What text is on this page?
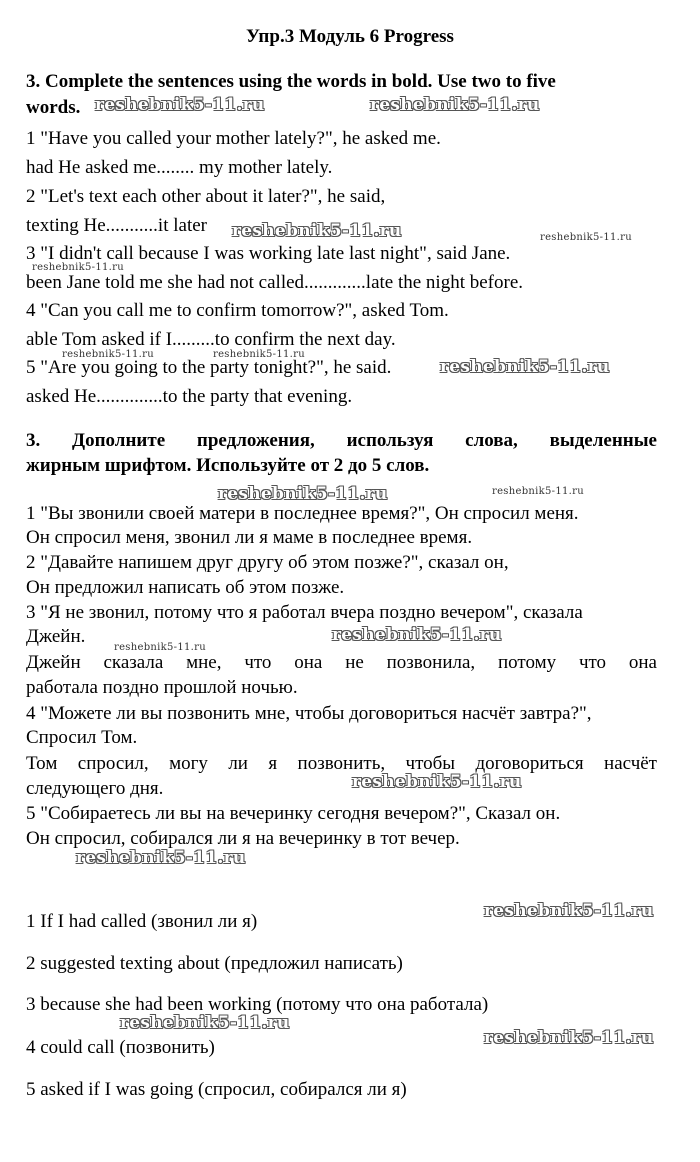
Упр.3 Модуль 6 Progress
3. Complete the sentences using the words in bold. Use two to five
words.
1 "Have you called your mother lately?", he asked me.
had He asked me........ my mother lately.
2 "Let's text each other about it later?", he said,
texting He...........it later
3 "I didn't call because I was working late last night", said Jane.
been Jane told me she had not called.............late the night before.
4 "Can you call me to confirm tomorrow?", asked Tom.
able Tom asked if I.........to confirm the next day.
5 "Are you going to the party tonight?", he said.
asked He..............to the party that evening.
3. Дополните предложения, используя слова, выделенные
жирным шрифтом. Используйте от 2 до 5 слов.
1 "Вы звонили своей матери в последнее время?", Он спросил меня.
Он спросил меня, звонил ли я маме в последнее время.
2 "Давайте напишем друг другу об этом позже?", сказал он,
Он предложил написать об этом позже.
3 "Я не звонил, потому что я работал вчера поздно вечером", сказала
Джейн.
Джейн сказала мне, что она не позвонила, потому что она
работала поздно прошлой ночью.
4 "Можете ли вы позвонить мне, чтобы договориться насчёт завтра?",
Спросил Том.
Том спросил, могу ли я позвонить, чтобы договориться насчёт
следующего дня.
5 "Собираетесь ли вы на вечеринку сегодня вечером?", Сказал он.
Он спросил, собирался ли я на вечеринку в тот вечер.
1 If I had called (звонил ли я)
2 suggested texting about (предложил написать)
3 because she had been working (потому что она работала)
4 could call (позвонить)
5 asked if I was going (спросил, собирался ли я)
reshebnik5-11.ru	reshebnik5-11.ru
reshebnik5-11.ru	reshebnik5-11.ru
reshebnik5-11.ru
reshebnik5-11.ru	reshebnik5-11.ru
reshebnik5-11.ru
reshebnik5-11.ru	reshebnik5-11.ru
reshebnik5-11.ru
reshebnik5-11.ru
reshebnik5-11.ru
reshebnik5-11.ru
reshebnik5-11.ru
reshebnik5-11.ru
reshebnik5-11.ru
